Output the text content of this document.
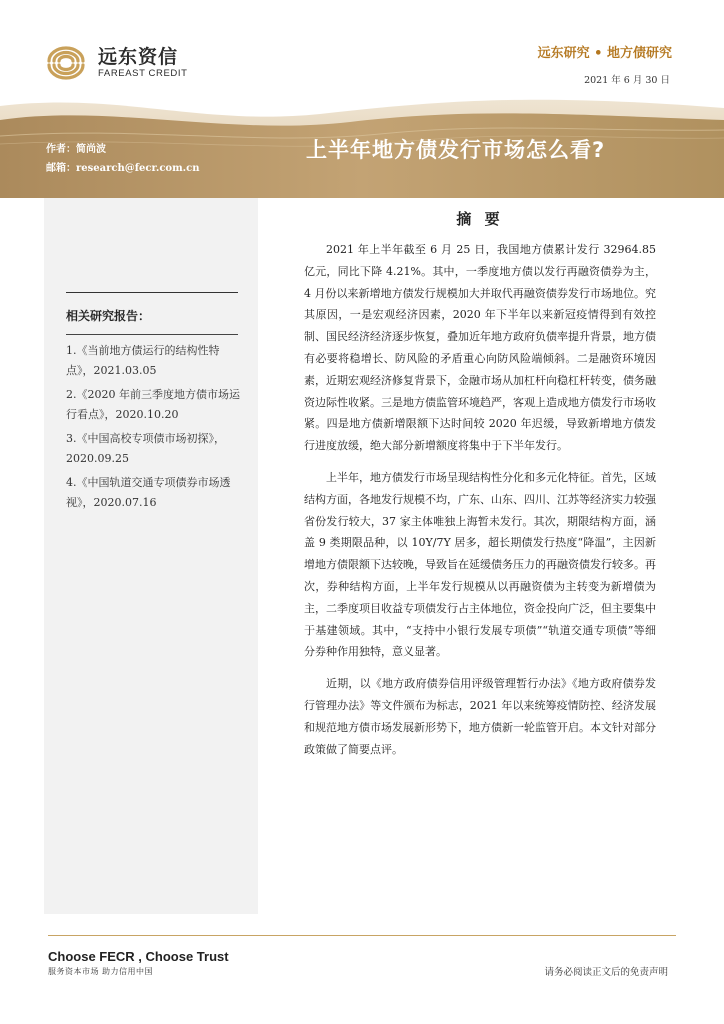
远东资信
FAREAST CREDIT
远东研究 • 地方债研究
2021 年 6 月 30 日
作者：简尚波
邮箱：research@fecr.com.cn
上半年地方债发行市场怎么看?
相关研究报告：
1.《当前地方债运行的结构性特点》，2021.03.05
2.《2020 年前三季度地方债市场运行看点》，2020.10.20
3.《中国高校专项债市场初探》，2020.09.25
4.《中国轨道交通专项债券市场透视》，2020.07.16
摘 要

2021 年上半年截至 6 月 25 日，我国地方债累计发行 32964.85 亿元，同比下降 4.21%。其中，一季度地方债以发行再融资债券为主，4 月份以来新增地方债发行规模加大并取代再融资债券发行市场地位。究其原因，一是宏观经济因素，2020 年下半年以来新冠疫情得到有效控制、国民经济经济逐步恢复，叠加近年地方政府负债率提升背景，地方债有必要将稳增长、防风险的矛盾重心向防风险端倾斜。二是融资环境因素，近期宏观经济修复背景下，金融市场从加杠杆向稳杠杆转变，债务融资边际性收紧。三是地方债监管环境趋严，客观上造成地方债发行市场收紧。四是地方债新增限额下达时间较 2020 年迟缓，导致新增地方债发行进度放缓，绝大部分新增额度将集中于下半年发行。

上半年，地方债发行市场呈现结构性分化和多元化特征。首先，区域结构方面，各地发行规模不均，广东、山东、四川、江苏等经济实力较强省份发行较大，37 家主体唯独上海暂未发行。其次，期限结构方面，涵盖 9 类期限品种，以 10Y/7Y 居多，超长期债发行热度“降温”，主因新增地方债限额下达较晚，导致旨在延缓债务压力的再融资债发行较多。再次，券种结构方面，上半年发行规模从以再融资债为主转变为新增债为主，二季度项目收益专项债发行占主体地位，资金投向广泛，但主要集中于基建领域。其中，“支持中小银行发展专项债”“轨道交通专项债”等细分券种作用独特，意义显著。

近期，以《地方政府债券信用评级管理暂行办法》《地方政府债券发行管理办法》等文件颁布为标志，2021 年以来统筹疫情防控、经济发展和规范地方债市场发展新形势下，地方债新一轮监管开启。本文针对部分政策做了简要点评。

Choose FECR , Choose Trust
服务资本市场 助力信用中国	请务必阅读正文后的免责声明
